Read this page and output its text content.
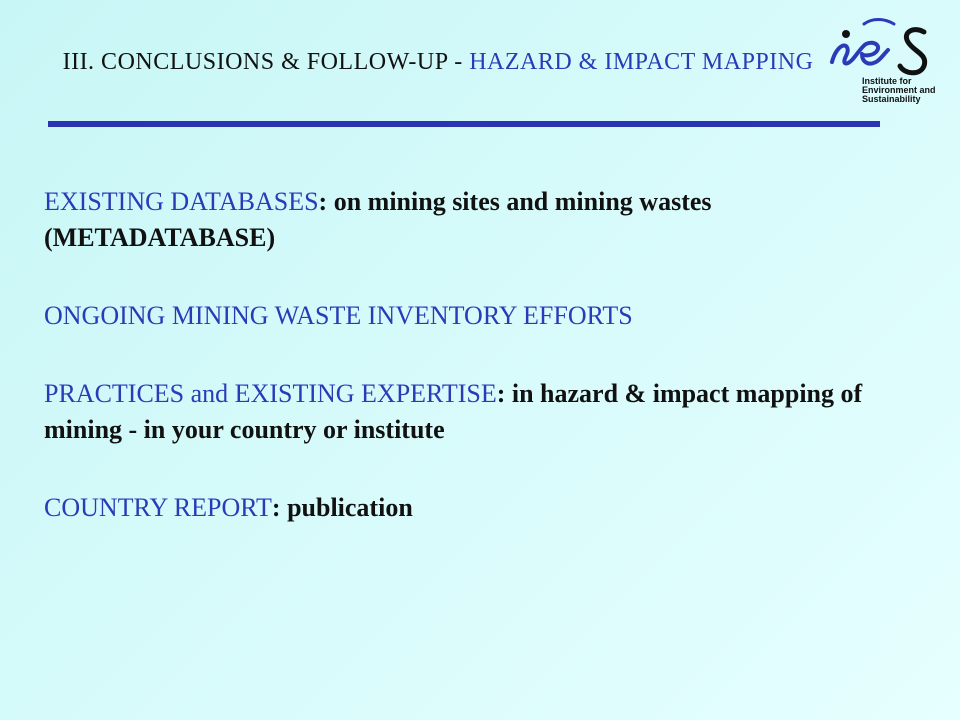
III. CONCLUSIONS & FOLLOW-UP - HAZARD & IMPACT MAPPING
Institute for
Environment and
Sustainability

EXISTING DATABASES: on mining sites and mining wastes (METADATABASE)

ONGOING MINING WASTE INVENTORY EFFORTS

PRACTICES and EXISTING EXPERTISE: in hazard & impact mapping of mining - in your country or institute

COUNTRY REPORT: publication
